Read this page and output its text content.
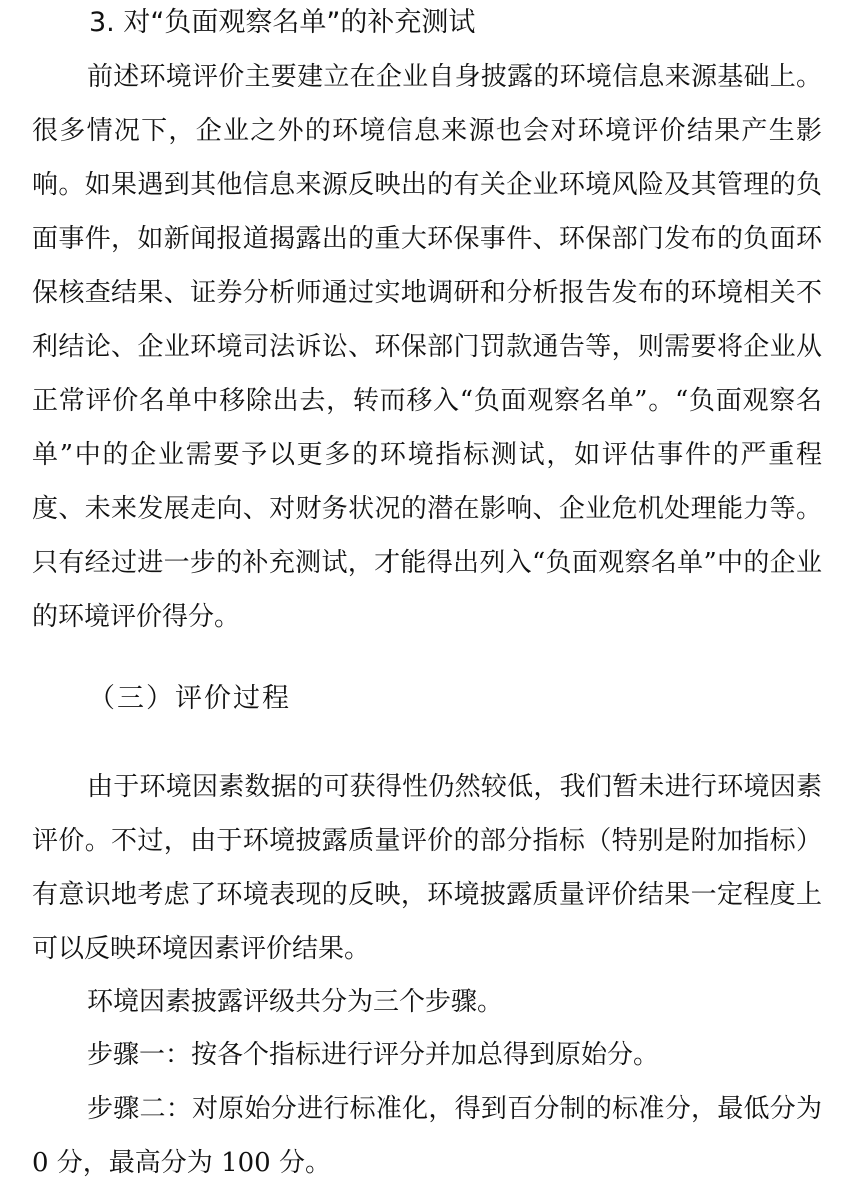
3. 对“负面观察名单”的补充测试

前述环境评价主要建立在企业自身披露的环境信息来源基础上。很多情况下，企业之外的环境信息来源也会对环境评价结果产生影响。如果遇到其他信息来源反映出的有关企业环境风险及其管理的负面事件，如新闻报道揭露出的重大环保事件、环保部门发布的负面环保核查结果、证券分析师通过实地调研和分析报告发布的环境相关不利结论、企业环境司法诉讼、环保部门罚款通告等，则需要将企业从正常评价名单中移除出去，转而移入“负面观察名单”。“负面观察名单”中的企业需要予以更多的环境指标测试，如评估事件的严重程度、未来发展走向、对财务状况的潜在影响、企业危机处理能力等。只有经过进一步的补充测试，才能得出列入“负面观察名单”中的企业的环境评价得分。

（三）评价过程

由于环境因素数据的可获得性仍然较低，我们暂未进行环境因素评价。不过，由于环境披露质量评价的部分指标（特别是附加指标）有意识地考虑了环境表现的反映，环境披露质量评价结果一定程度上可以反映环境因素评价结果。

环境因素披露评级共分为三个步骤。

步骤一：按各个指标进行评分并加总得到原始分。

步骤二：对原始分进行标准化，得到百分制的标准分，最低分为 0 分，最高分为 100 分。
